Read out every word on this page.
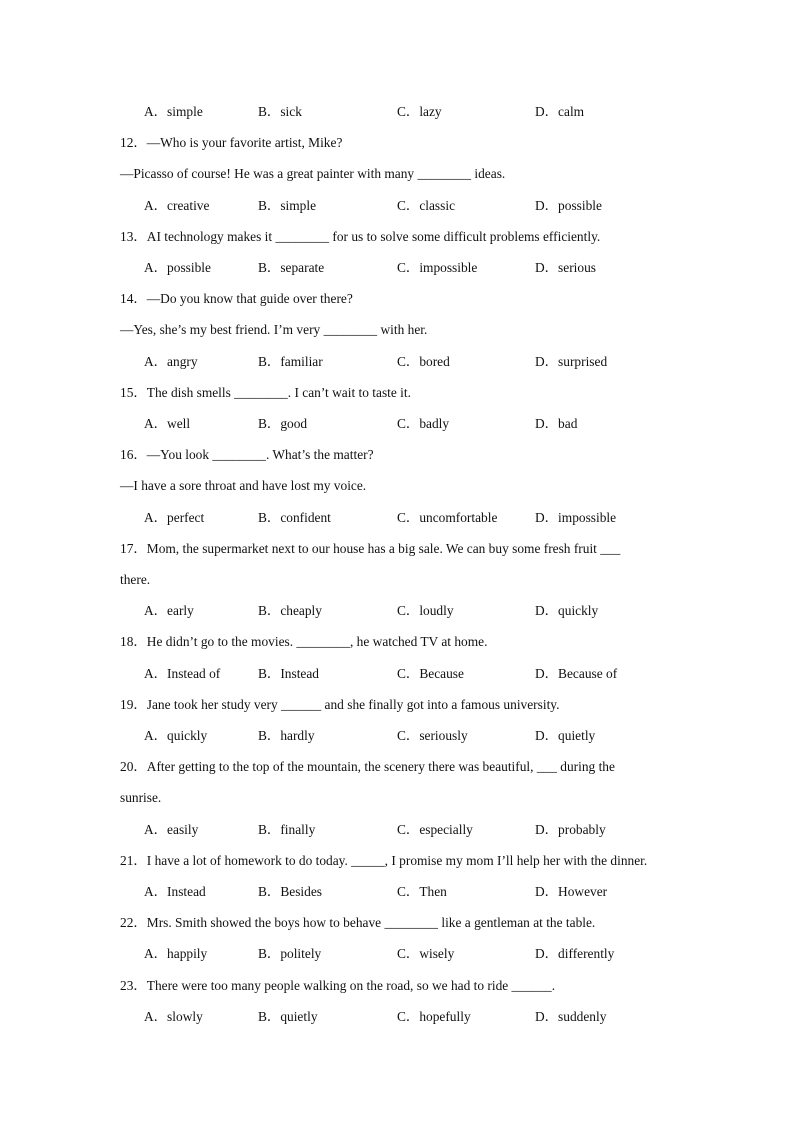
A．simple	B．sick	C．lazy	D．calm
12．—Who is your favorite artist, Mike?
—Picasso of course! He was a great painter with many ________ ideas.
A．creative	B．simple	C．classic	D．possible
13．AI technology makes it ________ for us to solve some difficult problems efficiently.
A．possible	B．separate	C．impossible	D．serious
14．—Do you know that guide over there?
—Yes, she’s my best friend. I’m very ________ with her.
A．angry	B．familiar	C．bored	D．surprised
15．The dish smells ________. I can’t wait to taste it.
A．well	B．good	C．badly	D．bad
16．—You look ________. What’s the matter?
—I have a sore throat and have lost my voice.
A．perfect	B．confident	C．uncomfortable	D．impossible
17．Mom, the supermarket next to our house has a big sale. We can buy some fresh fruit ___
there.
A．early	B．cheaply	C．loudly	D．quickly
18．He didn’t go to the movies. ________, he watched TV at home.
A．Instead of	B．Instead	C．Because	D．Because of
19．Jane took her study very ______ and she finally got into a famous university.
A．quickly	B．hardly	C．seriously	D．quietly
20．After getting to the top of the mountain, the scenery there was beautiful, ___ during the
sunrise.
A．easily	B．finally	C．especially	D．probably
21．I have a lot of homework to do today. _____, I promise my mom I’ll help her with the dinner.
A．Instead	B．Besides	C．Then	D．However
22．Mrs. Smith showed the boys how to behave ________ like a gentleman at the table.
A．happily	B．politely	C．wisely	D．differently
23．There were too many people walking on the road, so we had to ride ______.
A．slowly	B．quietly	C．hopefully	D．suddenly
